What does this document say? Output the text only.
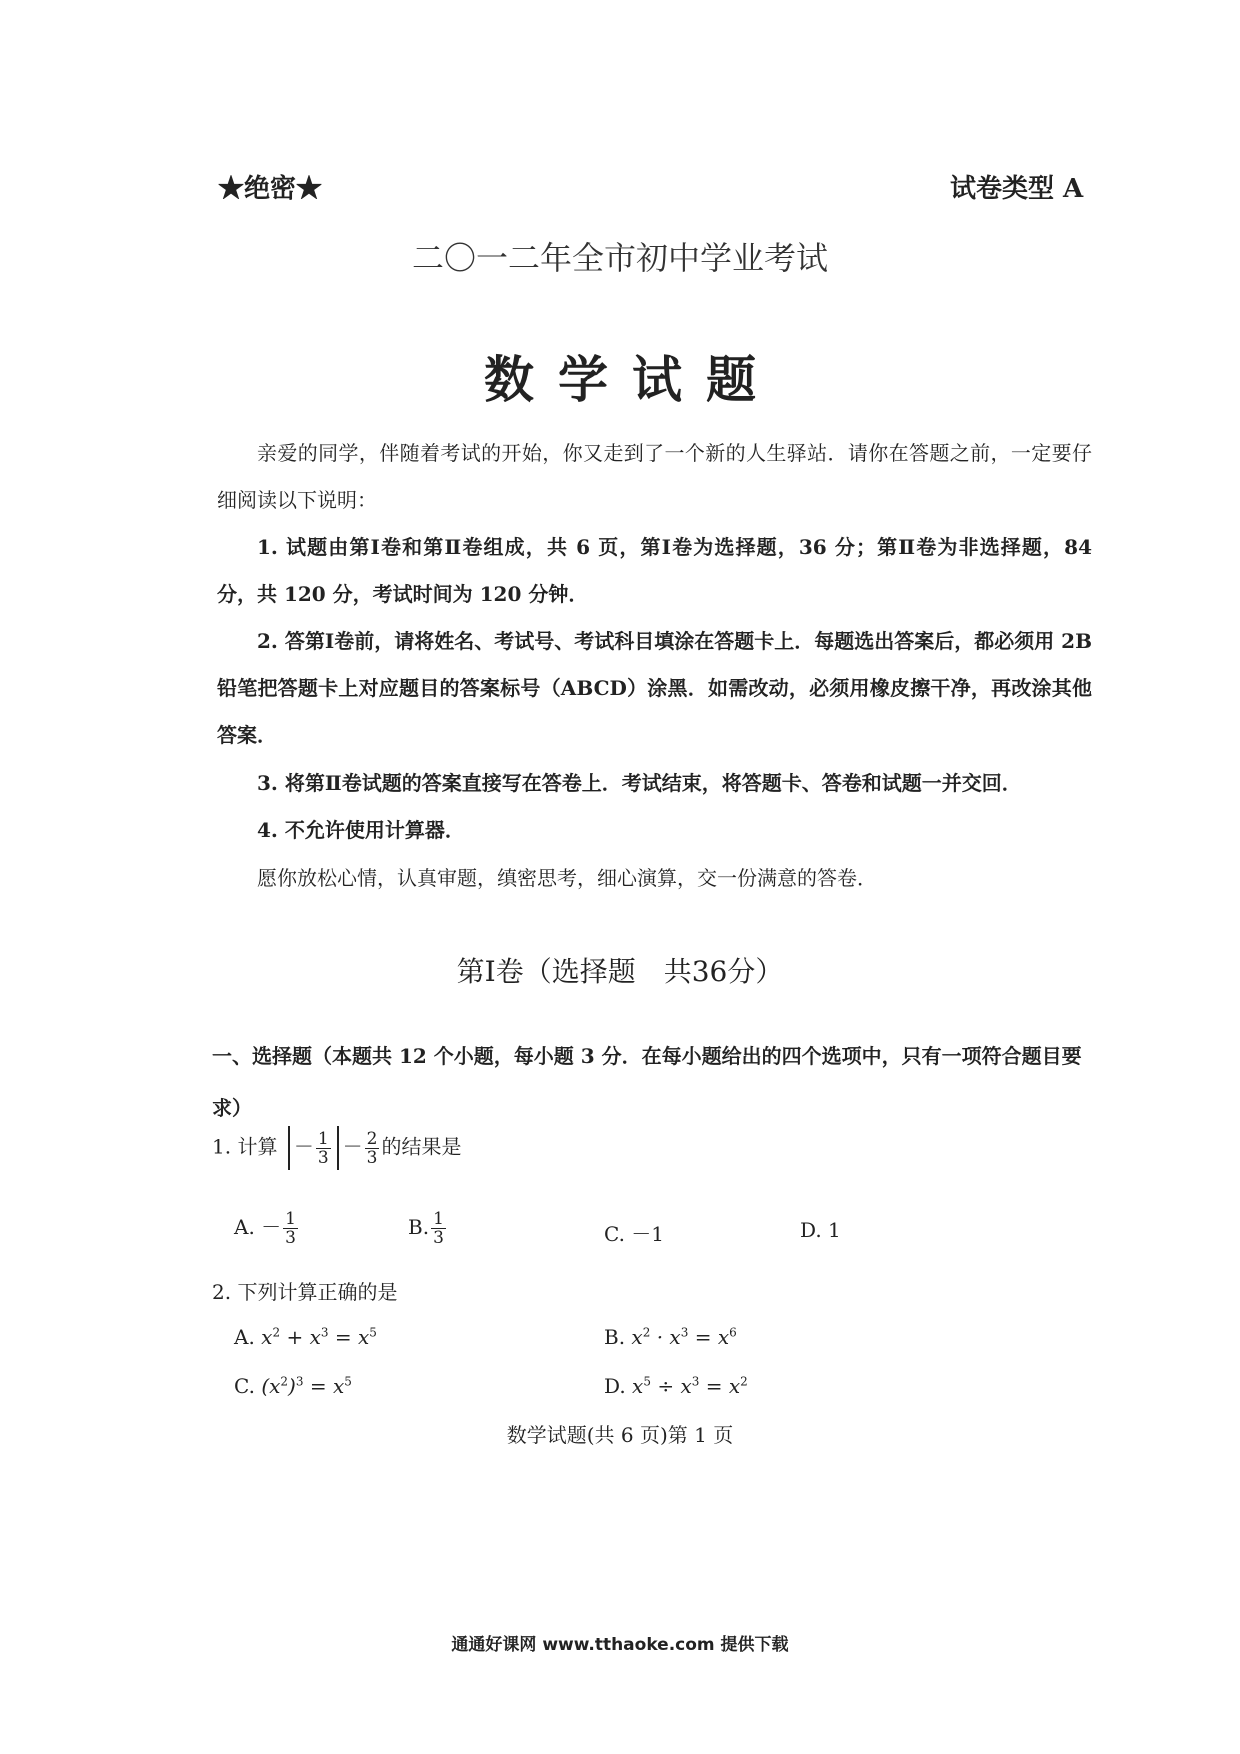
★绝密★	试卷类型 A
二〇一二年全市初中学业考试
数学试题
亲爱的同学，伴随着考试的开始，你又走到了一个新的人生驿站．请你在答题之前，一定要仔细阅读以下说明：
1. 试题由第Ⅰ卷和第Ⅱ卷组成，共 6 页，第Ⅰ卷为选择题，36 分；第Ⅱ卷为非选择题，84 分，共 120 分，考试时间为 120 分钟．
2. 答第Ⅰ卷前，请将姓名、考试号、考试科目填涂在答题卡上．每题选出答案后，都必须用 2B 铅笔把答题卡上对应题目的答案标号（ABCD）涂黑．如需改动，必须用橡皮擦干净，再改涂其他答案．
3. 将第Ⅱ卷试题的答案直接写在答卷上．考试结束，将答题卡、答卷和试题一并交回．
4. 不允许使用计算器．
愿你放松心情，认真审题，缜密思考，细心演算，交一份满意的答卷．
第Ⅰ卷（选择题　共36分）
一、选择题（本题共 12 个小题，每小题 3 分．在每小题给出的四个选项中，只有一项符合题目要求）
1. 计算 － $\frac{1}{3} - \frac{2}{3}$ 的结果是
A. － $\frac{1}{3}$	B. $\frac{1}{3}$	C. －1	D. 1
2. 下列计算正确的是
A. $x^2 + x^3 = x^5$	B. $x^2 \cdot x^3 = x^6$
C. $(x^2)^3 = x^5$	D. $x^5 \div x^3 = x^2$
数学试题(共 6 页)第 1 页
通通好课网 www.tthaoke.com 提供下载
